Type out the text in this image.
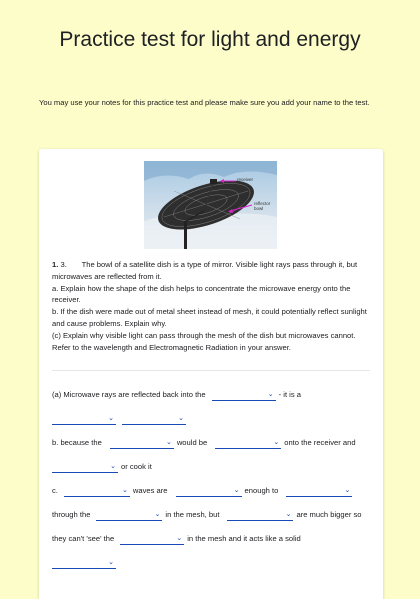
Practice test for light and energy
You may use your notes for this practice test and please make sure you add your name to the test.
receiver
reflector bowl
1. 3. The bowl of a satellite dish is a type of mirror. Visible light rays pass through it, but microwaves are reflected from it.
a. Explain how the shape of the dish helps to concentrate the microwave energy onto the receiver.
b. If the dish were made out of metal sheet instead of mesh, it could potentially reflect sunlight and cause problems. Explain why.
(c) Explain why visible light can pass through the mesh of the dish but microwaves cannot. Refer to the wavelength and Electromagnetic Radiation in your answer.
(a) Microwave rays are reflected back into the	⌄ - it is a
⌄	⌄
b. because the	⌄ would be	⌄ onto the receiver and
⌄ or cook it
c.	⌄ waves are	⌄ enough to	⌄
through the	⌄ in the mesh, but	⌄ are much bigger so
they can't 'see' the	⌄ in the mesh and it acts like a solid
⌄
